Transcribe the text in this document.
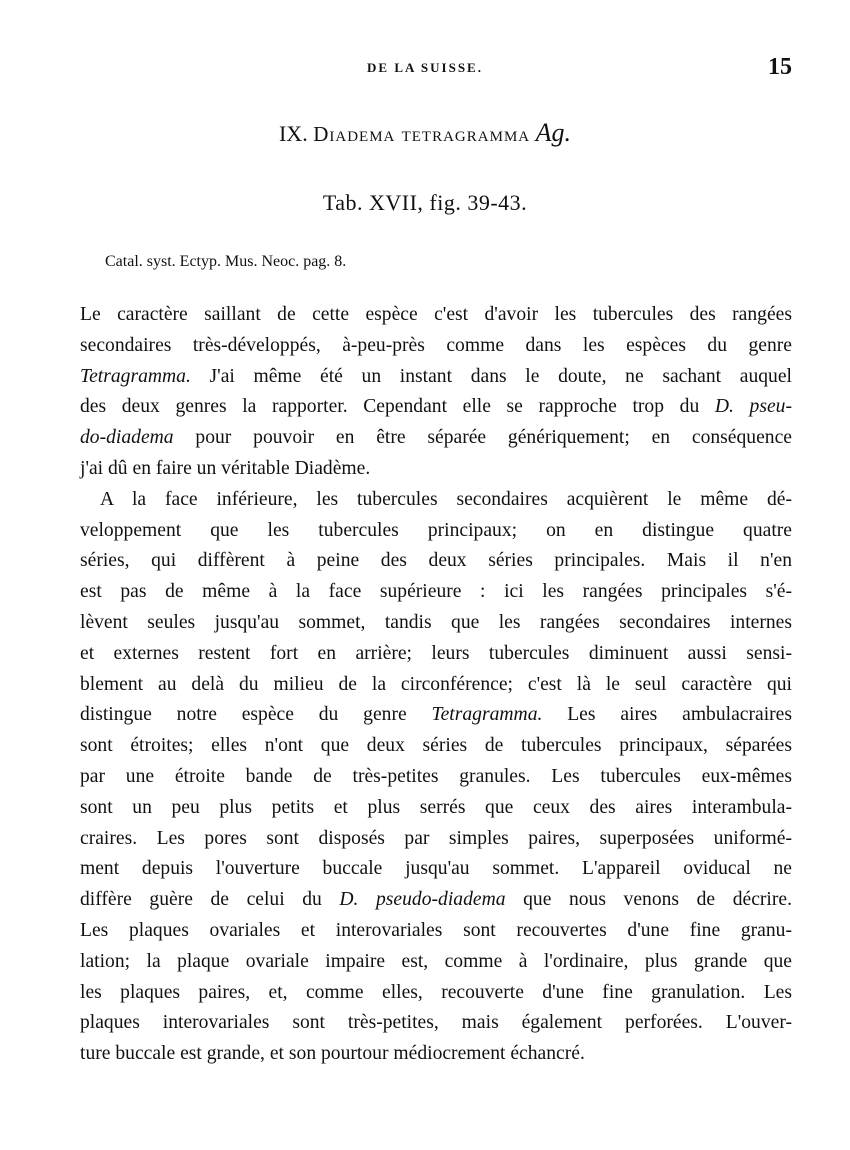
DE LA SUISSE.	15
IX. Diadema tetragramma Ag.
Tab. XVII, fig. 39-43.
Catal. syst. Ectyp. Mus. Neoc. pag. 8.
Le caractère saillant de cette espèce c'est d'avoir les tubercules des rangées
secondaires très-développés, à-peu-près comme dans les espèces du genre
Tetragramma. J'ai même été un instant dans le doute, ne sachant auquel
des deux genres la rapporter. Cependant elle se rapproche trop du D. pseu-
do-diadema pour pouvoir en être séparée génériquement; en conséquence
j'ai dû en faire un véritable Diadème.
A la face inférieure, les tubercules secondaires acquièrent le même dé-
veloppement que les tubercules principaux; on en distingue quatre
séries, qui diffèrent à peine des deux séries principales. Mais il n'en
est pas de même à la face supérieure : ici les rangées principales s'é-
lèvent seules jusqu'au sommet, tandis que les rangées secondaires internes
et externes restent fort en arrière; leurs tubercules diminuent aussi sensi-
blement au delà du milieu de la circonférence; c'est là le seul caractère qui
distingue notre espèce du genre Tetragramma. Les aires ambulacraires
sont étroites; elles n'ont que deux séries de tubercules principaux, séparées
par une étroite bande de très-petites granules. Les tubercules eux-mêmes
sont un peu plus petits et plus serrés que ceux des aires interambula-
craires. Les pores sont disposés par simples paires, superposées uniformé-
ment depuis l'ouverture buccale jusqu'au sommet. L'appareil oviducal ne
diffère guère de celui du D. pseudo-diadema que nous venons de décrire.
Les plaques ovariales et interovariales sont recouvertes d'une fine granu-
lation; la plaque ovariale impaire est, comme à l'ordinaire, plus grande que
les plaques paires, et, comme elles, recouverte d'une fine granulation. Les
plaques interovariales sont très-petites, mais également perforées. L'ouver-
ture buccale est grande, et son pourtour médiocrement échancré.
